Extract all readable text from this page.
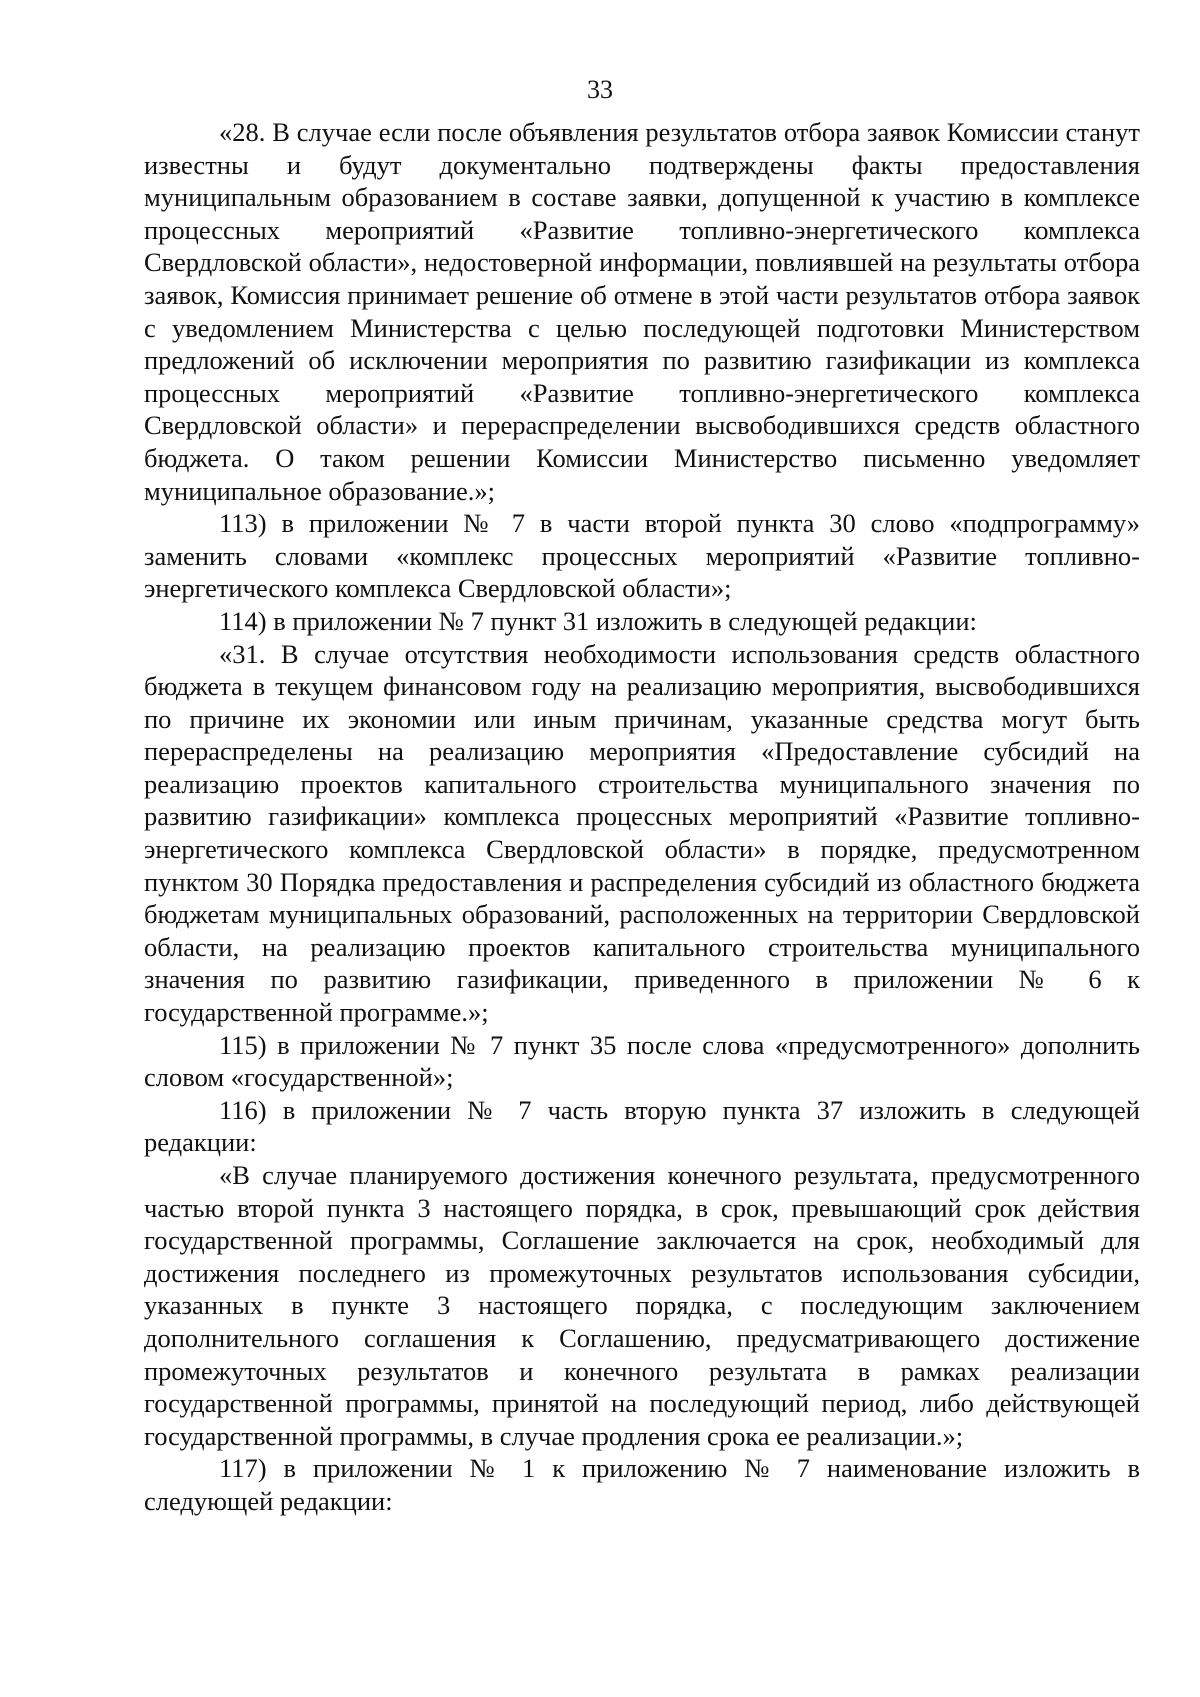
33

«28. В случае если после объявления результатов отбора заявок Комиссии станут известны и будут документально подтверждены факты предоставления муниципальным образованием в составе заявки, допущенной к участию в комплексе процессных мероприятий «Развитие топливно-энергетического комплекса Свердловской области», недостоверной информации, повлиявшей на результаты отбора заявок, Комиссия принимает решение об отмене в этой части результатов отбора заявок с уведомлением Министерства с целью последующей подготовки Министерством предложений об исключении мероприятия по развитию газификации из комплекса процессных мероприятий «Развитие топливно-энергетического комплекса Свердловской области» и перераспределении высвободившихся средств областного бюджета. О таком решении Комиссии Министерство письменно уведомляет муниципальное образование.»;

113) в приложении № 7 в части второй пункта 30 слово «подпрограмму» заменить словами «комплекс процессных мероприятий «Развитие топливно-энергетического комплекса Свердловской области»;

114) в приложении № 7 пункт 31 изложить в следующей редакции:

«31. В случае отсутствия необходимости использования средств областного бюджета в текущем финансовом году на реализацию мероприятия, высвободившихся по причине их экономии или иным причинам, указанные средства могут быть перераспределены на реализацию мероприятия «Предоставление субсидий на реализацию проектов капитального строительства муниципального значения по развитию газификации» комплекса процессных мероприятий «Развитие топливно-энергетического комплекса Свердловской области» в порядке, предусмотренном пунктом 30 Порядка предоставления и распределения субсидий из областного бюджета бюджетам муниципальных образований, расположенных на территории Свердловской области, на реализацию проектов капитального строительства муниципального значения по развитию газификации, приведенного в приложении № 6 к государственной программе.»;

115) в приложении № 7 пункт 35 после слова «предусмотренного» дополнить словом «государственной»;

116) в приложении № 7 часть вторую пункта 37 изложить в следующей редакции:

«В случае планируемого достижения конечного результата, предусмотренного частью второй пункта 3 настоящего порядка, в срок, превышающий срок действия государственной программы, Соглашение заключается на срок, необходимый для достижения последнего из промежуточных результатов использования субсидии, указанных в пункте 3 настоящего порядка, с последующим заключением дополнительного соглашения к Соглашению, предусматривающего достижение промежуточных результатов и конечного результата в рамках реализации государственной программы, принятой на последующий период, либо действующей государственной программы, в случае продления срока ее реализации.»;

117) в приложении № 1 к приложению № 7 наименование изложить в следующей редакции:
